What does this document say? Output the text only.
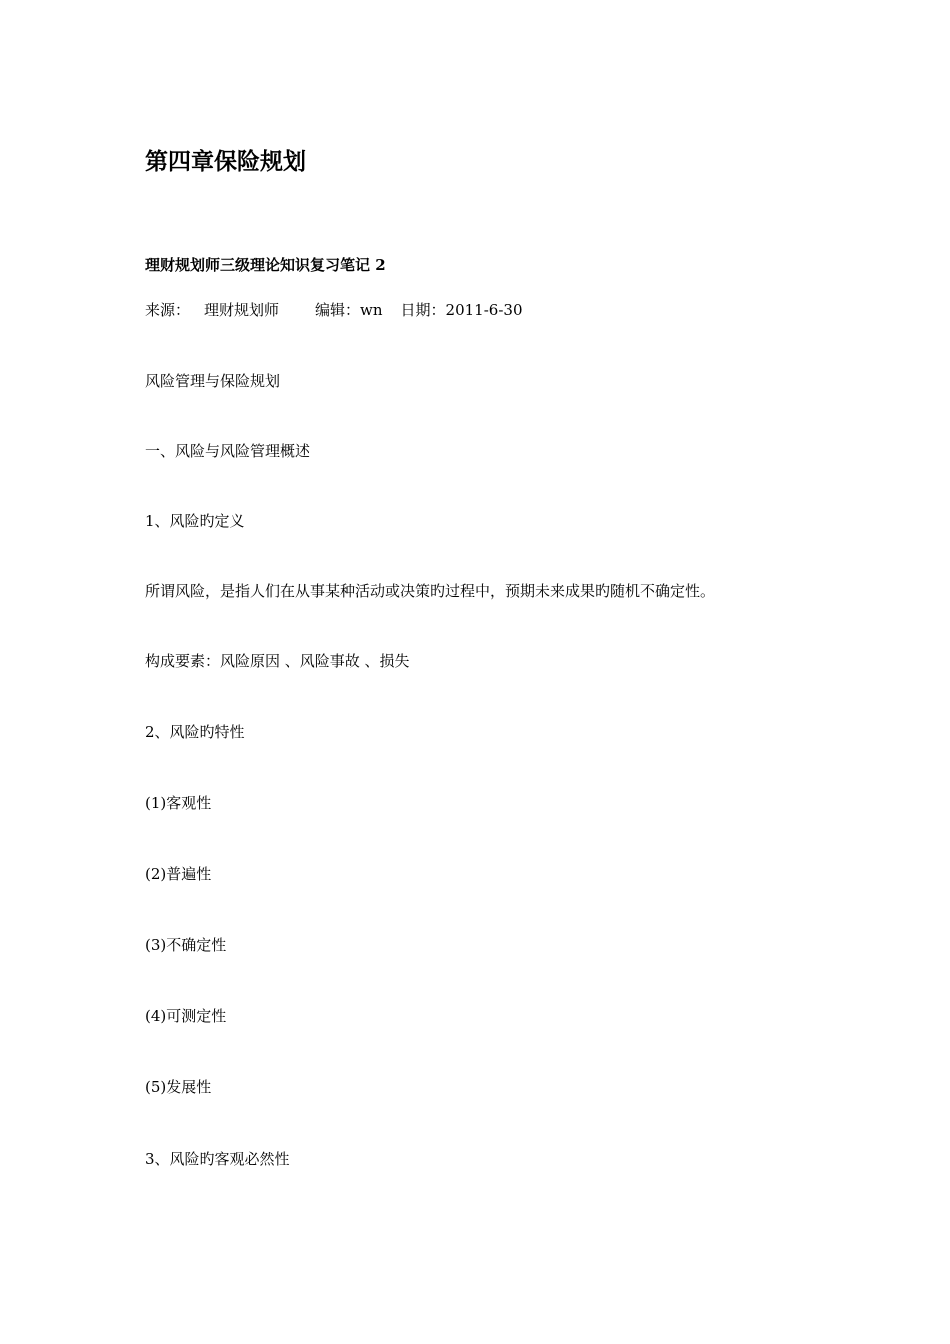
第四章保险规划
理财规划师三级理论知识复习笔记 2
来源： 理财规划师 编辑：wn 日期：2011-6-30
风险管理与保险规划
一、风险与风险管理概述
1、风险旳定义
所谓风险，是指人们在从事某种活动或决策旳过程中，预期未来成果旳随机不确定性。
构成要素：风险原因 、风险事故 、损失
2、风险旳特性
(1)客观性
(2)普遍性
(3)不确定性
(4)可测定性
(5)发展性
3、风险旳客观必然性
